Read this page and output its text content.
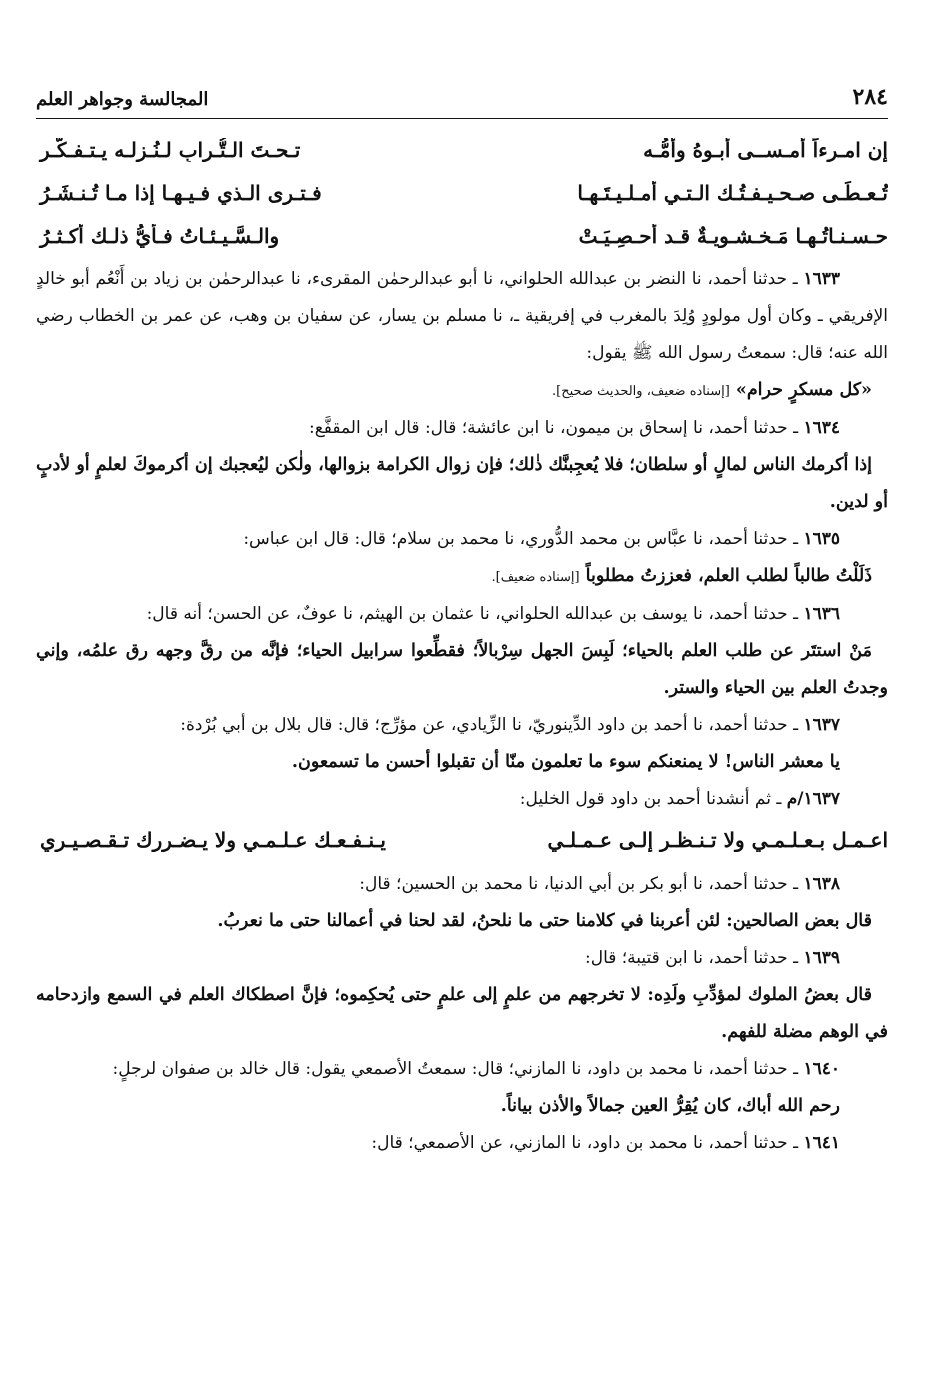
٢٨٤
المجالسة وجواهر العلم
إن امـرءاً أمـســى أبـوهُ وأمُّـه
تـحـتَ الـتُّـرابِ لـنُـزلـه يـتـفـكَّـر
تُـعـطَـى صـحـيـفـتُـك الـتـي أمـلـيـتَـهـا
فـتـرى الـذي فـيـهـا إذا مـا تُـنـشَـرُ
حـسـنـاتُـهـا مَـخـشـويـةٌ قـد أُحـصِـيَـتْ
والـسَّـيـئـاتُ فـأيُّ ذلـك أكـثـرُ

١٦٣٣ ـ حدثنا أحمد، نا النضر بن عبدالله الحلواني، نا أبو عبدالرحمٰن المقرىء، نا عبدالرحمٰن بن زياد بن أَنْعُم أبو خالدٍ الإفريقي ـ وكان أول مولودٍ وُلِدَ بالمغرب في إفريقية ـ، نا مسلم بن يسار، عن سفيان بن وهب، عن عمر بن الخطاب رضي الله عنه؛ قال: سمعتُ رسول الله ﷺ يقول:

«كل مسكرٍ حرام» [إسناده ضعيف، والحديث صحيح].

١٦٣٤ ـ حدثنا أحمد، نا إسحاق بن ميمون، نا ابن عائشة؛ قال: قال ابن المقفَّع:

إذا أكرمك الناس لمالٍ أو سلطان؛ فلا يُعجِبنَّك ذٰلك؛ فإن زوال الكرامة بزوالها، ولٰكن ليُعجبك إن أكرموكَ لعلمٍ أو لأدبٍ أو لدين.

١٦٣٥ ـ حدثنا أحمد، نا عبَّاس بن محمد الدُّوري، نا محمد بن سلام؛ قال: قال ابن عباس:

ذَلَلْتُ طالباً لطلب العلم، فعززتُ مطلوباً [إسناده ضعيف].

١٦٣٦ ـ حدثنا أحمد، نا يوسف بن عبدالله الحلواني، نا عثمان بن الهيثم، نا عوفٌ، عن الحسن؛ أنه قال:

مَنْ استتَر عن طلب العلم بالحياء؛ لَبِسَ الجهل سِرْبالاً؛ فقطِّعوا سرابيل الحياء؛ فإنَّه من رقَّ وجهه رق علمُه، وإني وجدتُ العلم بين الحياء والستر.

١٦٣٧ ـ حدثنا أحمد، نا أحمد بن داود الدِّينوريّ، نا الزِّيادي، عن مؤرِّج؛ قال: قال بلال بن أبي بُرْدة:

يا معشر الناس! لا يمنعنكم سوء ما تعلمون منّا أن تقبلوا أحسن ما تسمعون.

١٦٣٧/م ـ ثم أنشدنا أحمد بن داود قول الخليل:

اعـمـل بـعـلـمـي ولا تـنـظـر إلـى عـمـلـي
يـنـفـعـك عـلـمـي ولا يـضـررك تـقـصـيـري

١٦٣٨ ـ حدثنا أحمد، نا أبو بكر بن أبي الدنيا، نا محمد بن الحسين؛ قال:

قال بعض الصالحين: لئن أعربنا في كلامنا حتى ما نلحنُ، لقد لحنا في أعمالنا حتى ما نعربُ.

١٦٣٩ ـ حدثنا أحمد، نا ابن قتيبة؛ قال:

قال بعضُ الملوك لمؤدِّبِ ولَدِه: لا تخرجهم من علمٍ إلى علمٍ حتى يُحكِموه؛ فإنَّ اصطكاك العلم في السمع وازدحامه في الوهم مضلة للفهم.

١٦٤٠ ـ حدثنا أحمد، نا محمد بن داود، نا المازني؛ قال: سمعتُ الأصمعي يقول: قال خالد بن صفوان لرجلٍ:

رحم الله أباك، كان يُقِرُّ العين جمالاً والأذن بياناً.

١٦٤١ ـ حدثنا أحمد، نا محمد بن داود، نا المازني، عن الأصمعي؛ قال:
